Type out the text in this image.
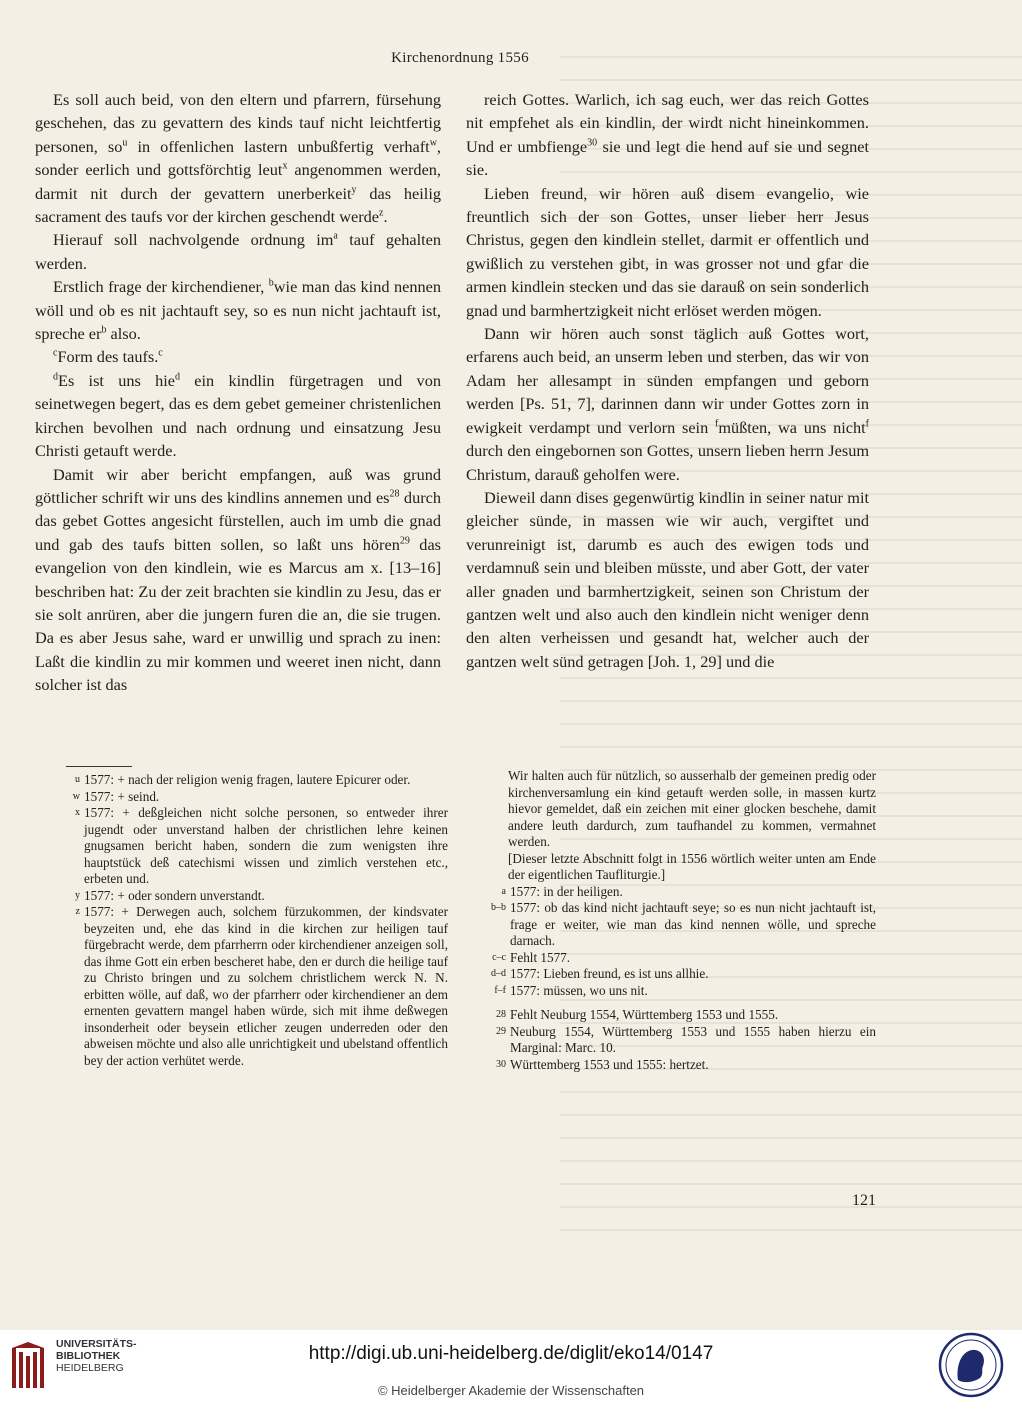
Kirchenordnung 1556

Es soll auch beid, von den eltern und pfarrern, fürsehung geschehen, das zu gevattern des kinds tauf nicht leichtfertig personen, $so^u$ in offenlichen lastern unbußfertig verhaft$^w$, sonder eerlich und gottsförchtig leut$^x$ angenommen werden, darmit nit durch der gevattern unerberkeit$^y$ das heilig sacrament des taufs vor der kirchen geschendt werde$^z$.

Hierauf soll nachvolgende ordnung $im^a$ tauf gehalten werden.

Erstlich frage der kirchendiener, $^b$wie man das kind nennen wöll und ob es nit jachtauft sey, so es nun nicht jachtauft ist, spreche $er^b$ also.

$^c$Form des taufs.$^c$

$^d$Es ist uns hie$^d$ ein kindlin fürgetragen und von seinetwegen begert, das es dem gebet gemeiner christenlichen kirchen bevolhen und nach ordnung und einsatzung Jesu Christi getauft werde.

Damit wir aber bericht empfangen, auß was grund göttlicher schrift wir uns des kindlins annemen und $es^{28}$ durch das gebet Gottes angesicht fürstellen, auch im umb die gnad und gab des taufs bitten sollen, so laßt uns hören$^{29}$ das evangelion von den kindlein, wie es Marcus am x. [13–16] beschriben hat: Zu der zeit brachten sie kindlin zu Jesu, das er sie solt anrüren, aber die jungern furen die an, die sie trugen. Da es aber Jesus sahe, ward er unwillig und sprach zu inen: Laßt die kindlin zu mir kommen und weeret inen nicht, dann solcher ist das

reich Gottes. Warlich, ich sag euch, wer das reich Gottes nit empfehet als ein kindlin, der wirdt nicht hineinkommen. Und er umbfienge$^{30}$ sie und legt die hend auf sie und segnet sie.

Lieben freund, wir hören auß disem evangelio, wie freuntlich sich der son Gottes, unser lieber herr Jesus Christus, gegen den kindlein stellet, darmit er offentlich und gwißlich zu verstehen gibt, in was grosser not und gfar die armen kindlein stecken und das sie darauß on sein sonderlich gnad und barmhertzigkeit nicht erlöset werden mögen.

Dann wir hören auch sonst täglich auß Gottes wort, erfarens auch beid, an unserm leben und sterben, das wir von Adam her allesampt in sünden empfangen und geborn werden [Ps. 51, 7], darinnen dann wir under Gottes zorn in ewigkeit verdampt und verlorn sein $^f$müßten, wa uns nicht$^f$ durch den eingebornen son Gottes, unsern lieben herrn Jesum Christum, darauß geholfen were.

Dieweil dann dises gegenwürtig kindlin in seiner natur mit gleicher sünde, in massen wie wir auch, vergiftet und verunreinigt ist, darumb es auch des ewigen tods und verdamnuß sein und bleiben müsste, und aber Gott, der vater aller gnaden und barmhertzigkeit, seinen son Christum der gantzen welt und also auch den kindlein nicht weniger denn den alten verheissen und gesandt hat, welcher auch der gantzen welt sünd getragen [Joh. 1, 29] und die

u 1577: + nach der religion wenig fragen, lautere Epicurer oder.
w 1577: + seind.
x 1577: + deßgleichen nicht solche personen, so entweder ihrer jugendt oder unverstand halben der christlichen lehre keinen gnugsamen bericht haben, sondern die zum wenigsten ihre hauptstück deß catechismi wissen und zimlich verstehen etc., erbeten und.
y 1577: + oder sondern unverstandt.
z 1577: + Derwegen auch, solchem fürzukommen, der kindsvater beyzeiten und, ehe das kind in die kirchen zur heiligen tauf fürgebracht werde, dem pfarrherrn oder kirchendiener anzeigen soll, das ihme Gott ein erben bescheret habe, den er durch die heilige tauf zu Christo bringen und zu solchem christlichem werck N. N. erbitten wölle, auf daß, wo der pfarrherr oder kirchendiener an dem ernenten gevattern mangel haben würde, sich mit ihme deßwegen insonderheit oder beysein etlicher zeugen underreden oder den abweisen möchte und also alle unrichtigkeit und ubelstand offentlich bey der action verhütet werde.
Wir halten auch für nützlich, so ausserhalb der gemeinen predig oder kirchenversamlung ein kind getauft werden solle, in massen kurtz hievor gemeldet, daß ein zeichen mit einer glocken beschehe, damit andere leuth dardurch, zum taufhandel zu kommen, vermahnet werden.
[Dieser letzte Abschnitt folgt in 1556 wörtlich weiter unten am Ende der eigentlichen Taufliturgie.]
a 1577: in der heiligen.
b–b 1577: ob das kind nicht jachtauft seye; so es nun nicht jachtauft ist, frage er weiter, wie man das kind nennen wölle, und spreche darnach.
c–c Fehlt 1577.
d–d 1577: Lieben freund, es ist uns allhie.
f–f 1577: müssen, wo uns nit.
28 Fehlt Neuburg 1554, Württemberg 1553 und 1555.
29 Neuburg 1554, Württemberg 1553 und 1555 haben hierzu ein Marginal: Marc. 10.
30 Württemberg 1553 und 1555: hertzet.
121
UNIVERSITÄTS-
BIBLIOTHEK
HEIDELBERG
http://digi.ub.uni-heidelberg.de/diglit/eko14/0147
© Heidelberger Akademie der Wissenschaften
